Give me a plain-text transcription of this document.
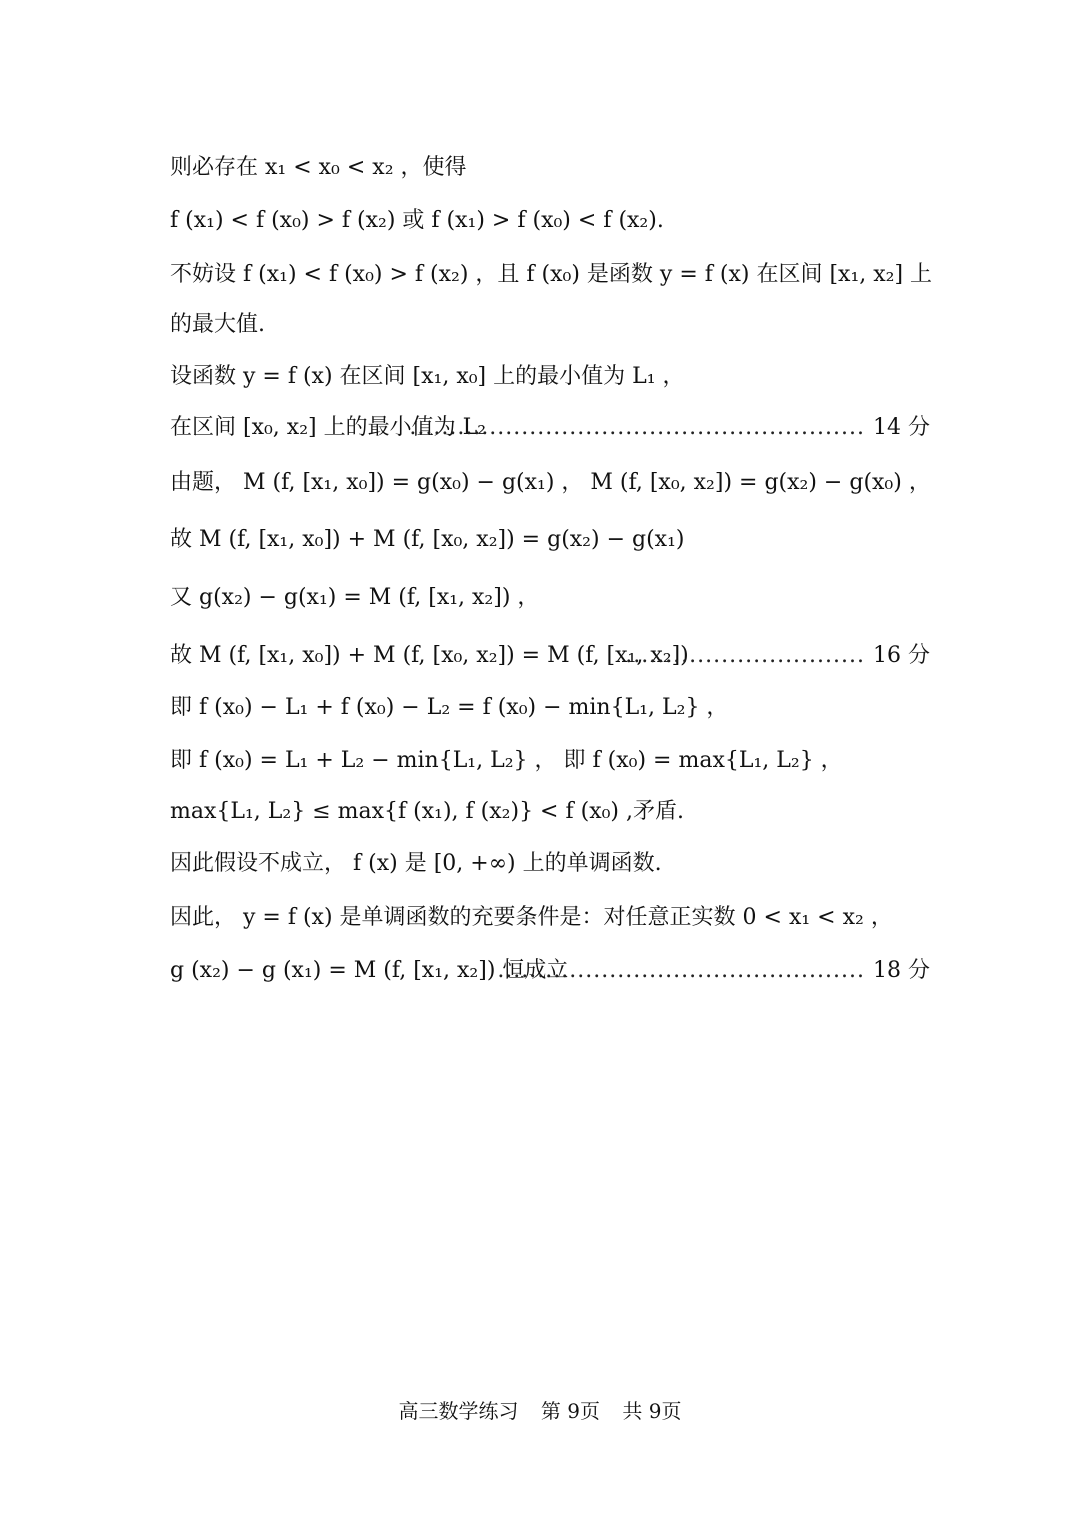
则必存在 x₁ < x₀ < x₂ ，使得
f (x₁) < f (x₀) > f (x₂) 或 f (x₁) > f (x₀) < f (x₂).
不妨设 f (x₁) < f (x₀) > f (x₂) ，且 f (x₀) 是函数 y = f (x) 在区间 [x₁, x₂] 上
的最大值.
设函数 y = f (x) 在区间 [x₁, x₀] 上的最小值为 L₁ ，
在区间 [x₀, x₂] 上的最小值为 L₂
......................................................... 14 分
由题， M (f, [x₁, x₀]) = g(x₀) − g(x₁) ， M (f, [x₀, x₂]) = g(x₂) − g(x₀) ，
故 M (f, [x₁, x₀]) + M (f, [x₀, x₂]) = g(x₂) − g(x₁)
又 g(x₂) − g(x₁) = M (f, [x₁, x₂]) ，
故 M (f, [x₁, x₀]) + M (f, [x₀, x₂]) = M (f, [x₁, x₂])
.............................. 16 分
即 f (x₀) − L₁ + f (x₀) − L₂ = f (x₀) − min{L₁, L₂} ，
即 f (x₀) = L₁ + L₂ − min{L₁, L₂} ， 即 f (x₀) = max{L₁, L₂} ，
max{L₁, L₂} ≤ max{f (x₁), f (x₂)} < f (x₀) ,矛盾.
因此假设不成立， f (x) 是 [0, +∞) 上的单调函数.
因此， y = f (x) 是单调函数的充要条件是：对任意正实数 0 < x₁ < x₂ ，
g (x₂) − g (x₁) = M (f, [x₁, x₂]) 恒成立
.............................................. 18 分
高三数学练习 第 9页 共 9页
